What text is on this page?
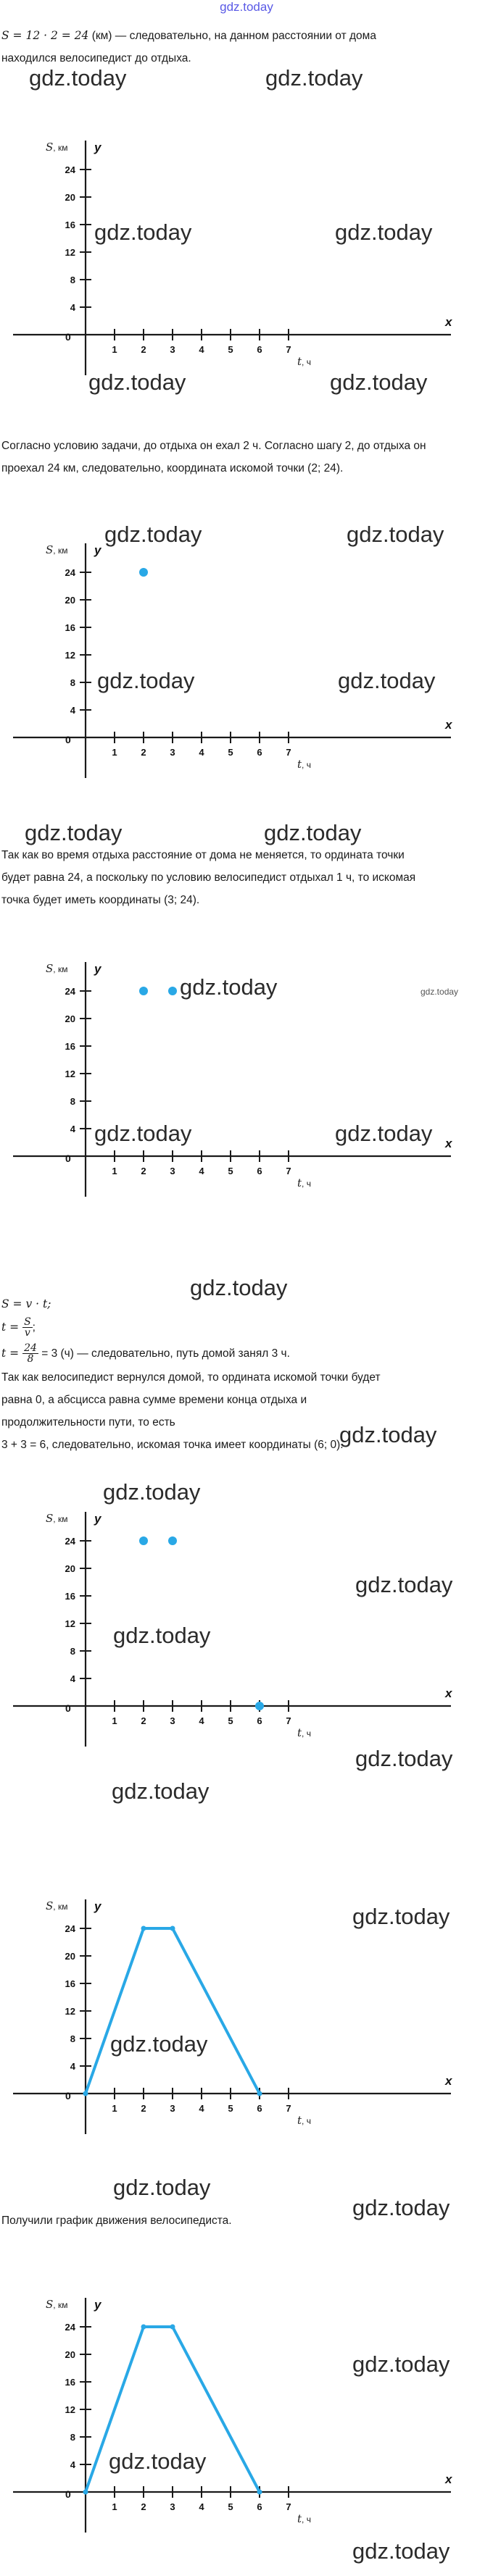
gdz.today
S = 12 · 2 = 24 (км) — следовательно, на данном расстоянии от дома
находился велосипедист до отдыха.
S, км y
0
4
8
12
16
20
24
1	2	3	4	5	6	7
t, ч
x
Согласно условию задачи, до отдыха он ехал 2 ч. Согласно шагу 2, до отдыха он
проехал 24 км, следовательно, координата искомой точки (2; 24).
S, км y
0
4
8
12
16
20
24
1	2	3	4	5	6	7
t, ч
x
Так как во время отдыха расстояние от дома не меняется, то ордината точки
будет равна 24, а поскольку по условию велосипедист отдыхал 1 ч, то искомая
точка будет иметь координаты (3; 24).
S, км y
0
4
8
12
16
20
24
1	2	3	4	5	6	7
t, ч
x
S = v · t;
$t = \frac{S}{v}$ ;
$t = \frac{24}{8} = 3$ (ч) — следовательно, путь домой занял 3 ч.
Так как велосипедист вернулся домой, то ордината искомой точки будет
равна 0, а абсцисса равна сумме времени конца отдыха и
продолжительности пути, то есть
3 + 3 = 6, следовательно, искомая точка имеет координаты (6; 0).
S, км y
0
4
8
12
16
20
24
1	2	3	4	5	6	7
t, ч
x
S, км y
0
4
8
12
16
20
24
1	2	3	4	5	6	7
t, ч
x
Получили график движения велосипедиста.
S, км y
0
4
8
12
16
20
24
1	2	3	4	5	6	7
t, ч
x
gdz.today	gdz.today
gdz.today	gdz.today
gdz.today	gdz.today
gdz.today	gdz.today
gdz.today	gdz.today
gdz.today	gdz.today
gdz.today	gdz.today
gdz.today	gdz.today
gdz.today
gdz.today
gdz.today
gdz.today
gdz.today
gdz.today
gdz.today
gdz.today
gdz.today
gdz.today
gdz.today
gdz.today
gdz.today
gdz.today
